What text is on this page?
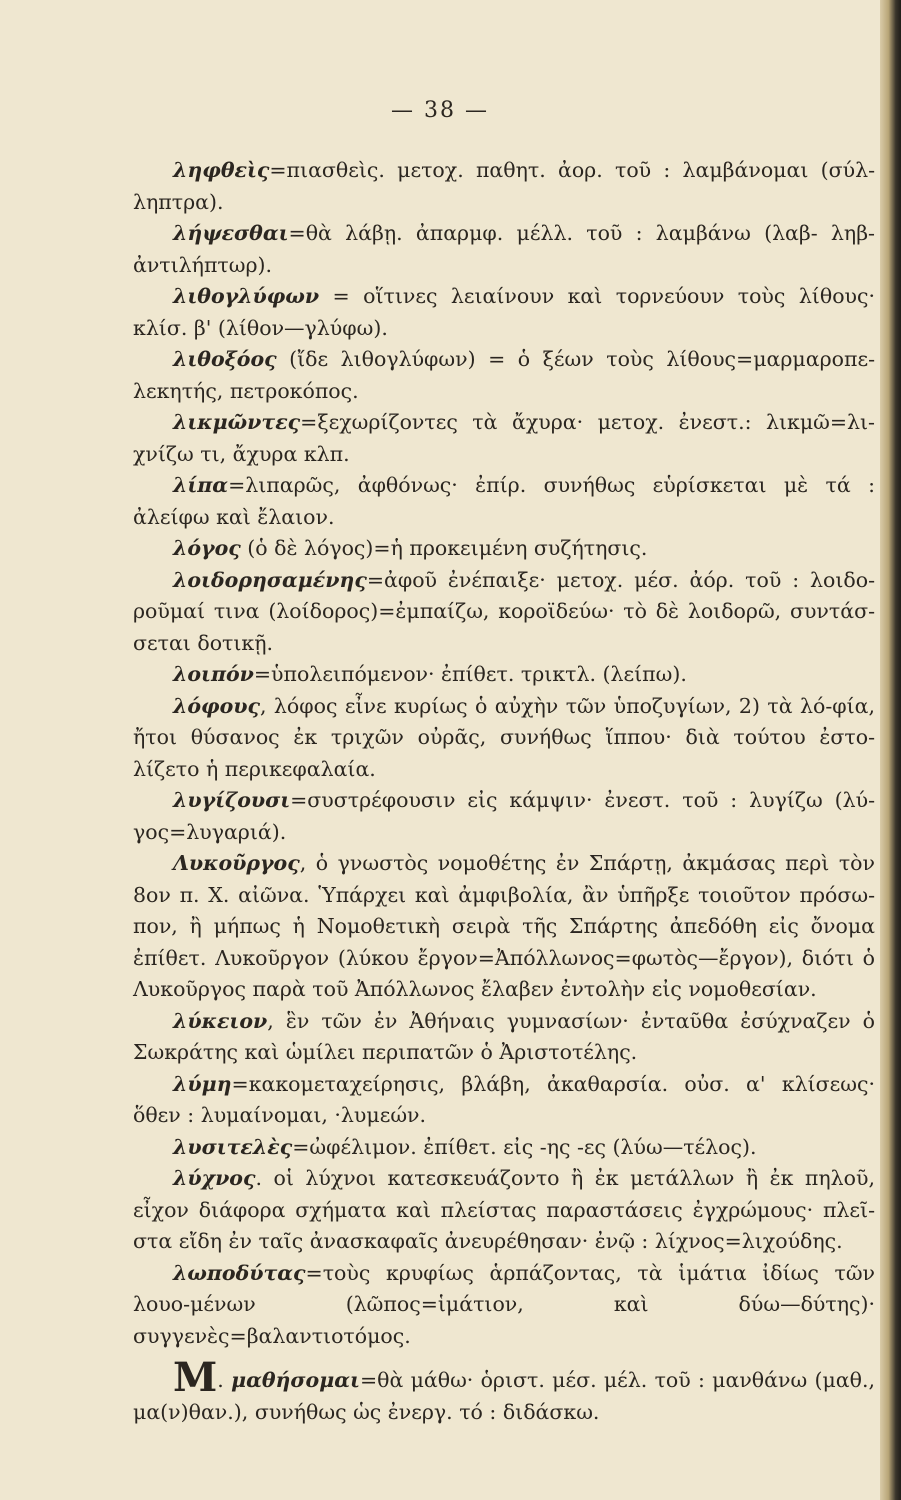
— 38 —

ληφθεὶς=πιασθεὶς. μετοχ. παθητ. ἀορ. τοῦ : λαμβάνομαι (σύλ-ληπτρα).

λήψεσθαι=θὰ λάβῃ. ἀπαρμφ. μέλλ. τοῦ : λαμβάνω (λαβ- ληβ-ἀντιλήπτωρ).

λιθογλύφων = οἵτινες λειαίνουν καὶ τορνεύουν τοὺς λίθους· κλίσ. β' (λίθον—γλύφω).

λιθοξόος (ἴδε λιθογλύφων) = ὁ ξέων τοὺς λίθους=μαρμαροπε-λεκητής, πετροκόπος.

λικμῶντες=ξεχωρίζοντες τὰ ἄχυρα· μετοχ. ἐνεστ.: λικμῶ=λι-χνίζω τι, ἄχυρα κλπ.

λίπα=λιπαρῶς, ἀφθόνως· ἐπίρ. συνήθως εὑρίσκεται μὲ τά : ἀλείφω καὶ ἔλαιον.

λόγος (ὁ δὲ λόγος)=ἡ προκειμένη συζήτησις.

λοιδορησαμένης=ἀφοῦ ἐνέπαιξε· μετοχ. μέσ. ἀόρ. τοῦ : λοιδο-ροῦμαί τινα (λοίδορος)=ἐμπαίζω, κοροϊδεύω· τὸ δὲ λοιδορῶ, συντάσ-σεται δοτικῇ.

λοιπόν=ὑπολειπόμενον· ἐπίθετ. τρικτλ. (λείπω).

λόφους, λόφος εἶνε κυρίως ὁ αὐχὴν τῶν ὑποζυγίων, 2) τὰ λό-φία, ἤτοι θύσανος ἐκ τριχῶν οὐρᾶς, συνήθως ἵππου· διὰ τούτου ἐστο-λίζετο ἡ περικεφαλαία.

λυγίζουσι=συστρέφουσιν εἰς κάμψιν· ἐνεστ. τοῦ : λυγίζω (λύ-γος=λυγαριά).

Λυκοῦργος, ὁ γνωστὸς νομοθέτης ἐν Σπάρτῃ, ἀκμάσας περὶ τὸν 8ον π. Χ. αἰῶνα. Ὑπάρχει καὶ ἀμφιβολία, ἂν ὑπῆρξε τοιοῦτον πρόσω-πον, ἢ μήπως ἡ Νομοθετικὴ σειρὰ τῆς Σπάρτης ἀπεδόθη εἰς ὄνομα ἐπίθετ. Λυκοῦργον (λύκου ἔργον=Ἀπόλλωνος=φωτὸς—ἔργον), διότι ὁ Λυκοῦργος παρὰ τοῦ Ἀπόλλωνος ἔλαβεν ἐντολὴν εἰς νομοθεσίαν.

λύκειον, ἓν τῶν ἐν Ἀθήναις γυμνασίων· ἐνταῦθα ἐσύχναζεν ὁ Σωκράτης καὶ ὡμίλει περιπατῶν ὁ Ἀριστοτέλης.

λύμη=κακομεταχείρησις, βλάβη, ἀκαθαρσία. οὐσ. α' κλίσεως· ὅθεν : λυμαίνομαι, ·λυμεών.

λυσιτελὲς=ὠφέλιμον. ἐπίθετ. εἰς -ης -ες (λύω—τέλος).

λύχνος. οἱ λύχνοι κατεσκευάζοντο ἢ ἐκ μετάλλων ἢ ἐκ πηλοῦ, εἶχον διάφορα σχήματα καὶ πλείστας παραστάσεις ἐγχρώμους· πλεῖ-στα εἴδη ἐν ταῖς ἀνασκαφαῖς ἀνευρέθησαν· ἐνῷ : λίχνος=λιχούδης.

λωποδύτας=τοὺς κρυφίως ἁρπάζοντας, τὰ ἱμάτια ἰδίως τῶν λουο-μένων (λῶπος=ἱμάτιον, καὶ δύω—δύτης)· συγγενὲς=βαλαντιοτόμος.

Μ. μαθήσομαι=θὰ μάθω· ὁριστ. μέσ. μέλ. τοῦ : μανθάνω (μαθ., μα(ν)θαν.), συνήθως ὡς ἐνεργ. τό : διδάσκω.
